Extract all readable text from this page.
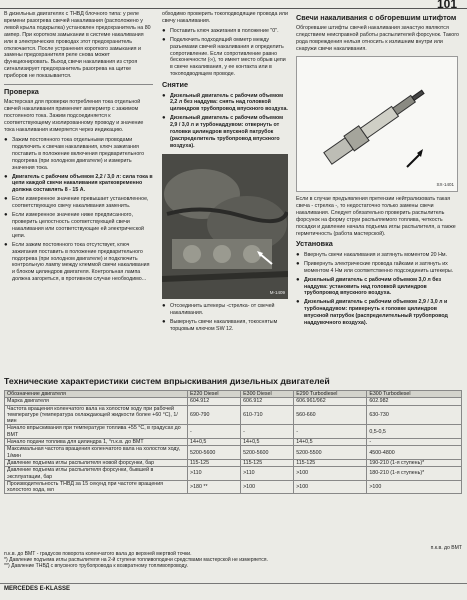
101

В дизельных двигателях с ТНВД блочного типа: у реле времени разогрева свечей накаливания (расположено у левой крыла подкрылка) установлен предохранитель на 80 ампер. При коротком замыкании в системе накаливания или в электрических проводах этот предохранитель отключается. После устранения короткого замыкания и замены предохранителя реле снова может функционировать. Выход свечи накаливания из строя сигнализирует предохранитель разогрева на щитке приборов не показывается.

Проверка

Мастерская для проверки потребления тока отдельной свечей накаливания применяет амперметр с зажимом постоянного тока. Зажим подсоединяется к соответствующему изолированному проводу и значение тока накаливания измеряется через индикацию.

● Зажим постоянного тока отдельными проводами подключить к свечам накаливания, ключ зажигания поставить в положение включения предварительного подогрева (при холодном двигателе) и измерить значения тока.
● Двигатель с рабочим объемом 2,2 / 3,0 л: сила тока в цепи каждой свечи накаливания кратковременно должна составлять 8 - 15 А.
● Если измеренное значение превышает установленное, соответствующую свечу накаливания заменить.
● Если измеренное значение ниже предписанного, проверить целостность соответствующей свечи накаливания или соответствующие ей электрической цепи.
● Если зажим постоянного тока отсутствует, ключ зажигания поставить в положение предварительного подогрева (при холодном двигателе) и подключить контрольную лампу между клеммой свечи накаливания и блоком цилиндров двигателя. Контрольная лампа должна загореться, в противном случае необходимо...

обходимо проверить токоподводящие провода или свечу накаливания.

● Поставить ключ зажигания в положение "0".
● Подключить подходящий омметр между разъемами свечей накаливания и определить сопротивление. Если сопротивление равно бесконечности (∞), то имеет место обрыв цепи в свече накаливания, у ее контакта или в токоподводящем проводе.
Снятие
● Дизельный двигатель с рабочим объемом 2,2 л без наддува: снять над головкой цилиндров трубопровод впускного воздуха.
● Дизельный двигатель с рабочим объемом 2,9 / 3,0 л и турбонаддувом: отвернуть от головки цилиндров впускной патрубок (распределитель трубопровод впускного воздуха).
M-1409
● Отсоединить штекеры -стрелка- от свечей накаливания.
● Вывернуть свечи накаливания, токоснятым торцовым ключом SW 12.
Свечи накаливания с обгоревшим штифтом

Обгоревшие штифты свечей накаливания зачастую являются следствием неисправной работы распылителей форсунок. Такого рода повреждения нельзя относить к излишним внутри или снаружи свечи накаливания.

SX-1401

Если в случае предъявления претензии нейтрализовать такая свеча - стрелка -, то недостаточно только замены свечи накаливания. Следует обязательно проверить распылитель форсунок на форму струи распыляемого топлива, четкость посадки и давление начала подъема иглы распылителя, а также герметичность (работа мастерской).

Установка
● Ввернуть свечи накаливания и затянуть моментом 20 Нм.
● Привернуть электрические провода гайками и затянуть их моментом 4 Нм или соответственно подсоединить штекеры.
● Дизельный двигатель с рабочим объемом 3,0 л без наддува: установить над головкой цилиндров трубопровод впускного воздуха.
● Дизельный двигатель с рабочим объемом 2,9 / 3,0 л и турбонаддувом: привернуть к головке цилиндров впускной патрубок (распределительный трубопровод наддувочного воздуха).
Технические характеристики систем впрыскивания дизельных двигателей
Обозначение двигателя	E220 Diesel	E300 Diesel	E290 Turbodiesel	E300 Turbodiesel
Марка двигателя	604.912	606.912	606.961/962	602.982
Частота вращения коленчатого вала на холостом ходу при рабочей температуре (температура охлаждающей жидкости более +60 °С), 1/мин	690-790	610-710	560-660	630-730
Начало впрыскивания при температуре топлива +55 °С, в градусах до ВМТ	-	-	-	0,5-0,5
Начало подачи топлива для цилиндра 1, °п.к.в. до ВМТ	14+0,5	14+0,5	14+0,5	-
Максимальная частота вращения коленчатого вала на холостом ходу, 1/мин	5200-5600	5200-5600	5200-5500	4500-4800
Давление подъема иглы распылителя новой форсунки, бар	115-125	115-125	115-125	190-210 (1-я ступень)*
Давление подъема иглы распылителя форсунки, бывшей в эксплуатации, бар	>110	>110	>100	180-210 (1-я ступень)*
Производительность ТНВД за 15 секунд при частоте вращения холостого хода, мл	>180 **	>100	>100	>100
п.к.в. до ВМТ
п.к.в. до ВМТ - градусов поворота коленчатого вала до верхней мертвой точки.
*) Давление подъема иглы распылителя на 2-й ступени топливоподачи средствами мастерской не измеряется.
**) Давление ТНВД с впускного трубопровода к возвратному топливопроводу.
MERCEDES E-KLASSE
